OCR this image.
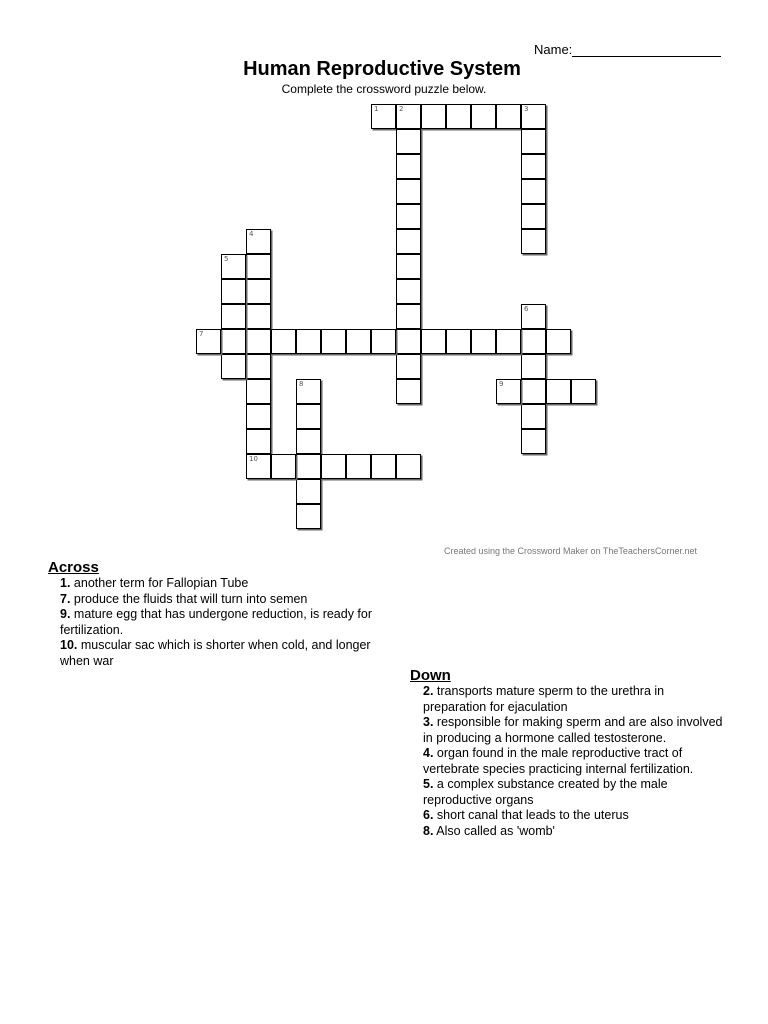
Name:
Human Reproductive System
Complete the crossword puzzle below.
1	2	3
4
10
5
6
7
8	9
Created using the Crossword Maker on TheTeachersCorner.net
Across

1. another term for Fallopian Tube

7. produce the fluids that will turn into semen

9. mature egg that has undergone reduction, is ready for fertilization.

10. muscular sac which is shorter when cold, and longer when war

Down

2. transports mature sperm to the urethra in preparation for ejaculation

3. responsible for making sperm and are also involved in producing a hormone called testosterone.

4. organ found in the male reproductive tract of vertebrate species practicing internal fertilization.

5. a complex substance created by the male reproductive organs

6. short canal that leads to the uterus

8. Also called as 'womb'
